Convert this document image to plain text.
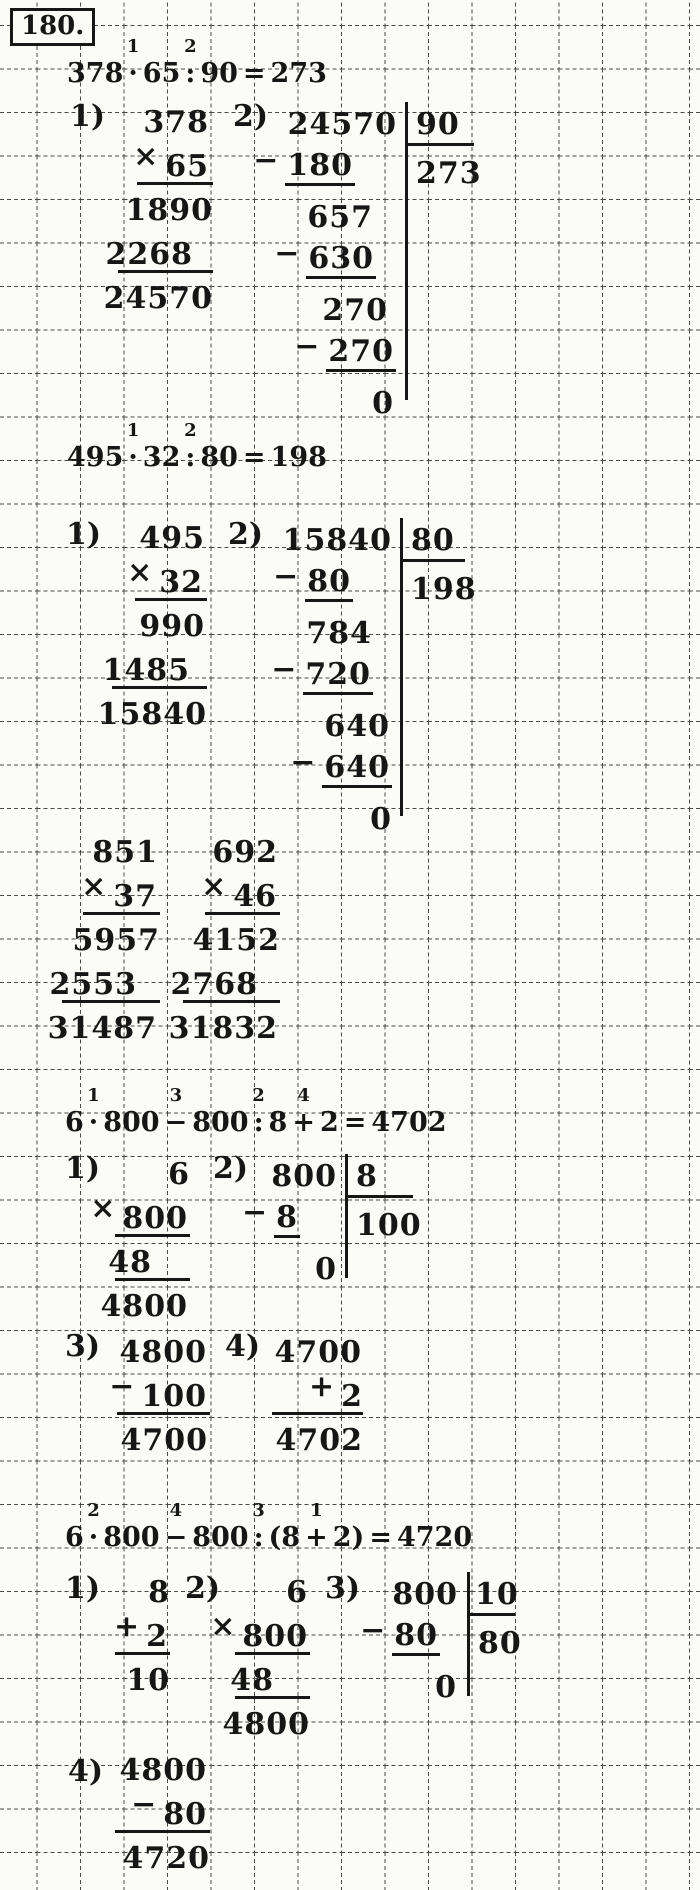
180.
378
1
· 65
2
: 90 = 273
1) 378
× 65
1890
2268
24570
2) 24570
− 180
657
− 630
270
− 270
0
90
273
495
1
· 32
2
: 80 = 198
1) 495
× 32
990
1485
15840
2) 15840
− 80
784
− 720
640
− 640
0
80
198
851
× 37
5957
2553
31487
692
× 46
4152
2768
31832
6
1
· 800
3
− 800
2
: 8
4
+ 2 = 4702
1) 6
× 800
48
4800
2) 800
− 8
0
8
100
3) 4800
− 100
4700
4) 4700
+ 2
4702
6
2
· 800
4
− 800
3
: (8
1
+ 2) = 4720
1) 8
+ 2
10
2) 6
× 800
48
4800
3) 800
− 80
0
10
80
4) 4800
− 80
4720
